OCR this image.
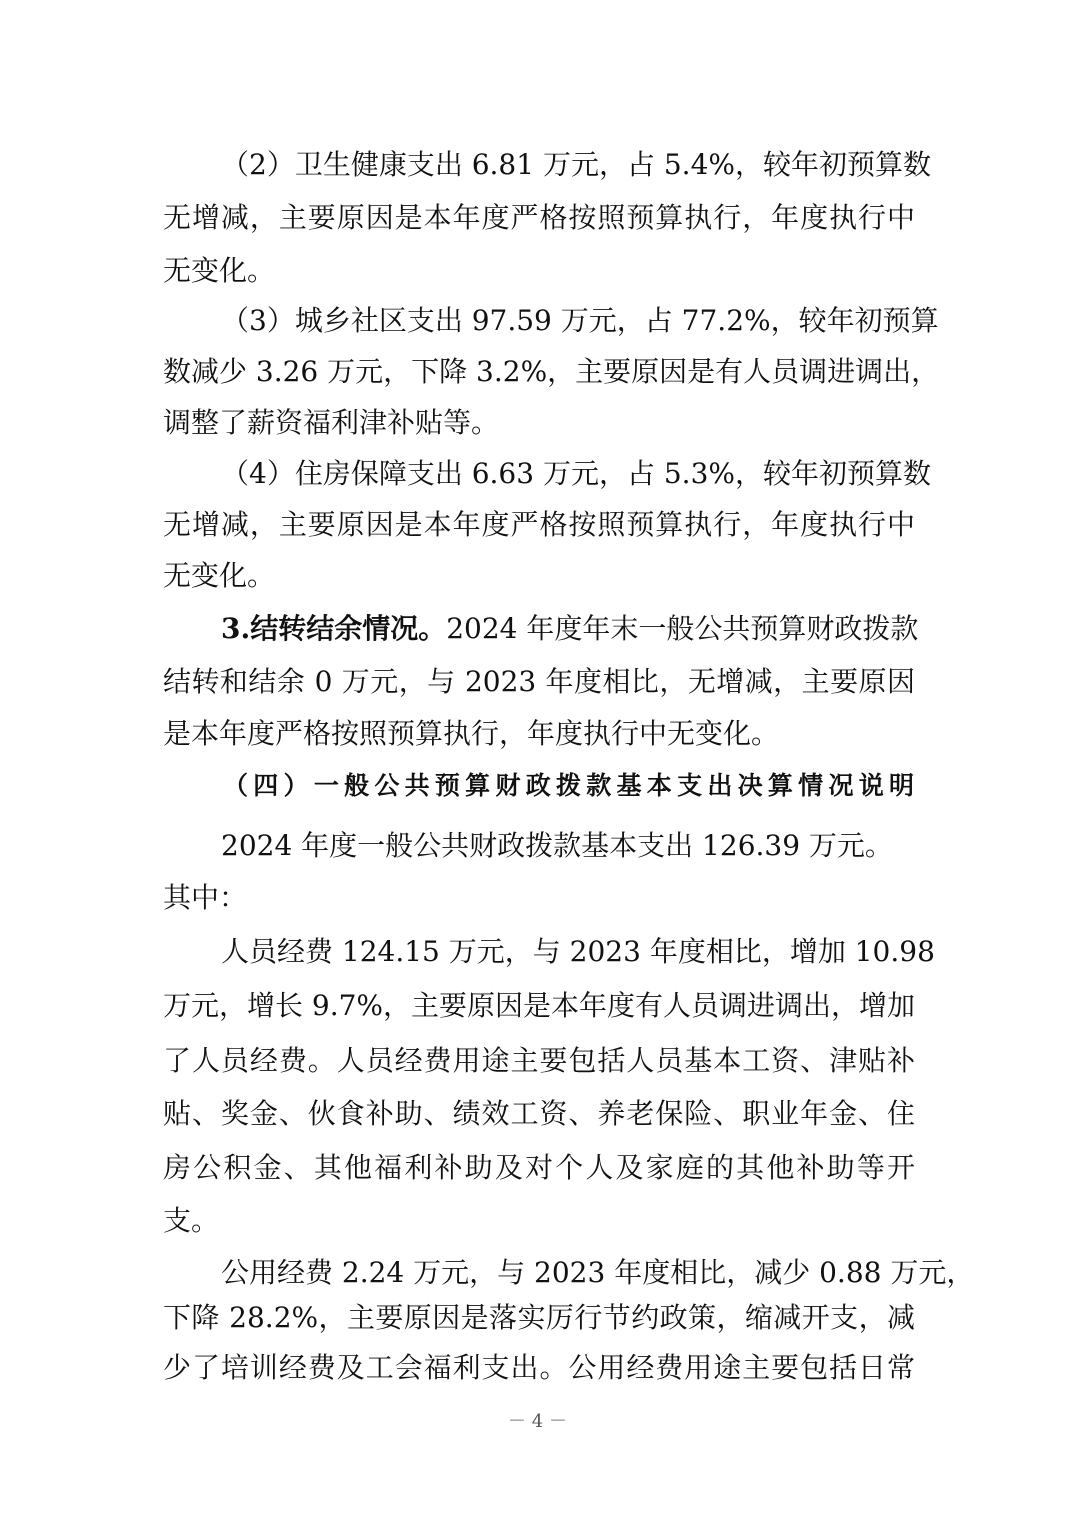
（2）卫生健康支出 6.81 万元，占 5.4%，较年初预算数
无增减，主要原因是本年度严格按照预算执行，年度执行中
无变化。
（3）城乡社区支出 97.59 万元，占 77.2%，较年初预算
数减少 3.26 万元，下降 3.2%，主要原因是有人员调进调出，
调整了薪资福利津补贴等。
（4）住房保障支出 6.63 万元，占 5.3%，较年初预算数
无增减，主要原因是本年度严格按照预算执行，年度执行中
无变化。
3.结转结余情况。 2024 年度年末一般公共预算财政拨款
结转和结余 0 万元，与 2023 年度相比，无增减，主要原因
是本年度严格按照预算执行，年度执行中无变化。
（四）一般公共预算财政拨款基本支出决算情况说明
2024 年度一般公共财政拨款基本支出 126.39 万元。
其中：
人员经费 124.15 万元，与 2023 年度相比，增加 10.98
万元，增长 9.7%，主要原因是本年度有人员调进调出，增加
了人员经费。人员经费用途主要包括人员基本工资、津贴补
贴、奖金、伙食补助、绩效工资、养老保险、职业年金、住
房公积金、其他福利补助及对个人及家庭的其他补助等开
支。
公用经费 2.24 万元，与 2023 年度相比，减少 0.88 万元，
下降 28.2%，主要原因是落实厉行节约政策，缩减开支，减
少了培训经费及工会福利支出。公用经费用途主要包括日常
－ 4 －
